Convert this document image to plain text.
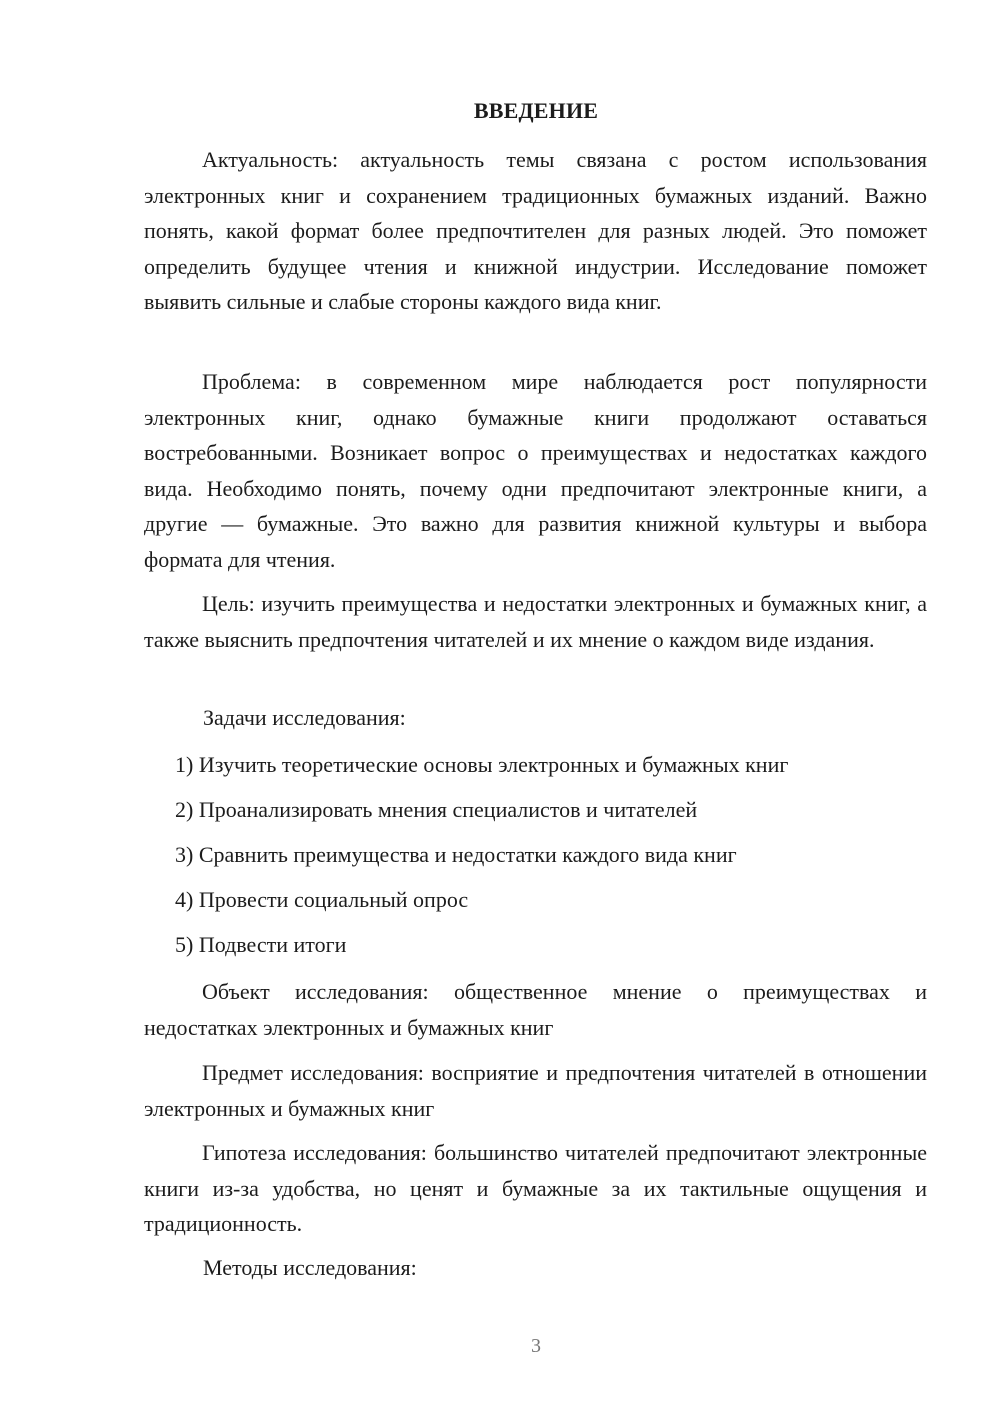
ВВЕДЕНИЕ
Актуальность: актуальность темы связана с ростом использования электронных книг и сохранением традиционных бумажных изданий. Важно понять, какой формат более предпочтителен для разных людей. Это поможет определить будущее чтения и книжной индустрии. Исследование поможет выявить сильные и слабые стороны каждого вида книг.
Проблема: в современном мире наблюдается рост популярности электронных книг, однако бумажные книги продолжают оставаться востребованными. Возникает вопрос о преимуществах и недостатках каждого вида. Необходимо понять, почему одни предпочитают электронные книги, а другие — бумажные. Это важно для развития книжной культуры и выбора формата для чтения.
Цель: изучить преимущества и недостатки электронных и бумажных книг, а также выяснить предпочтения читателей и их мнение о каждом виде издания.
Задачи исследования:
1) Изучить теоретические основы электронных и бумажных книг
2) Проанализировать мнения специалистов и читателей
3) Сравнить преимущества и недостатки каждого вида книг
4) Провести социальный опрос
5) Подвести итоги
Объект исследования: общественное мнение о преимуществах и недостатках электронных и бумажных книг
Предмет исследования: восприятие и предпочтения читателей в отношении электронных и бумажных книг
Гипотеза исследования: большинство читателей предпочитают электронные книги из-за удобства, но ценят и бумажные за их тактильные ощущения и традиционность.
Методы исследования:
3
